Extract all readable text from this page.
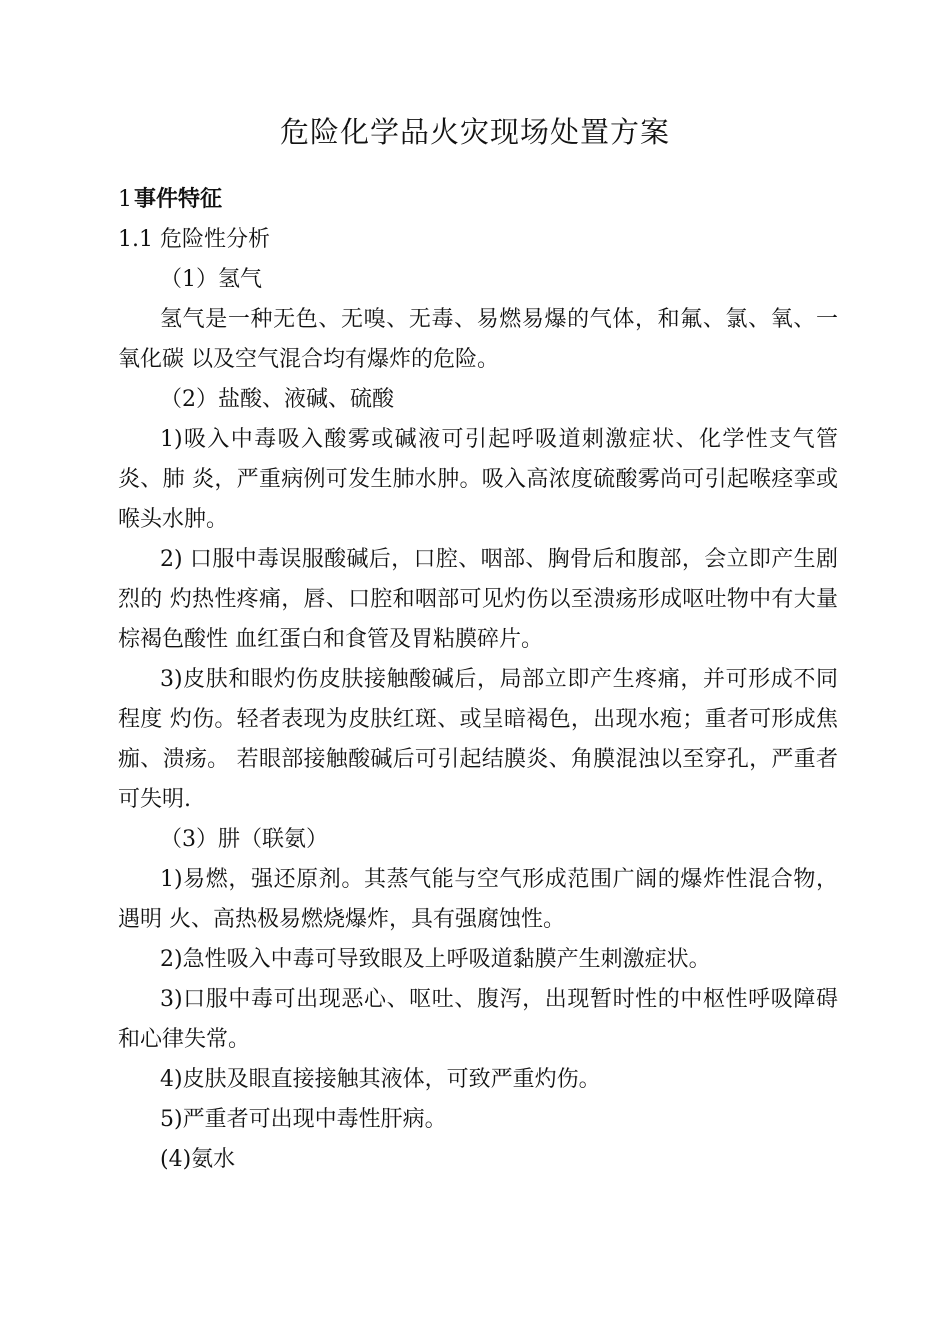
危险化学品火灾现场处置方案

1事件特征

1.1 危险性分析

（1）氢气

氢气是一种无色、无嗅、无毒、易燃易爆的气体，和氟、氯、氧、一氧化碳 以及空气混合均有爆炸的危险。

（2）盐酸、液碱、硫酸

1)吸入中毒吸入酸雾或碱液可引起呼吸道刺激症状、化学性支气管炎、肺 炎，严重病例可发生肺水肿。吸入高浓度硫酸雾尚可引起喉痉挛或喉头水肿。

2) 口服中毒误服酸碱后，口腔、咽部、胸骨后和腹部，会立即产生剧烈的 灼热性疼痛，唇、口腔和咽部可见灼伤以至溃疡形成呕吐物中有大量棕褐色酸性 血红蛋白和食管及胃粘膜碎片。

3)皮肤和眼灼伤皮肤接触酸碱后，局部立即产生疼痛，并可形成不同程度 灼伤。轻者表现为皮肤红斑、或呈暗褐色，出现水疱；重者可形成焦痂、溃疡。 若眼部接触酸碱后可引起结膜炎、角膜混浊以至穿孔，严重者可失明.

（3）肼（联氨）

1)易燃，强还原剂。其蒸气能与空气形成范围广阔的爆炸性混合物，遇明 火、高热极易燃烧爆炸，具有强腐蚀性。

2)急性吸入中毒可导致眼及上呼吸道黏膜产生刺激症状。

3)口服中毒可出现恶心、呕吐、腹泻，出现暂时性的中枢性呼吸障碍和心律失常。

4)皮肤及眼直接接触其液体，可致严重灼伤。

5)严重者可出现中毒性肝病。

(4)氨水
